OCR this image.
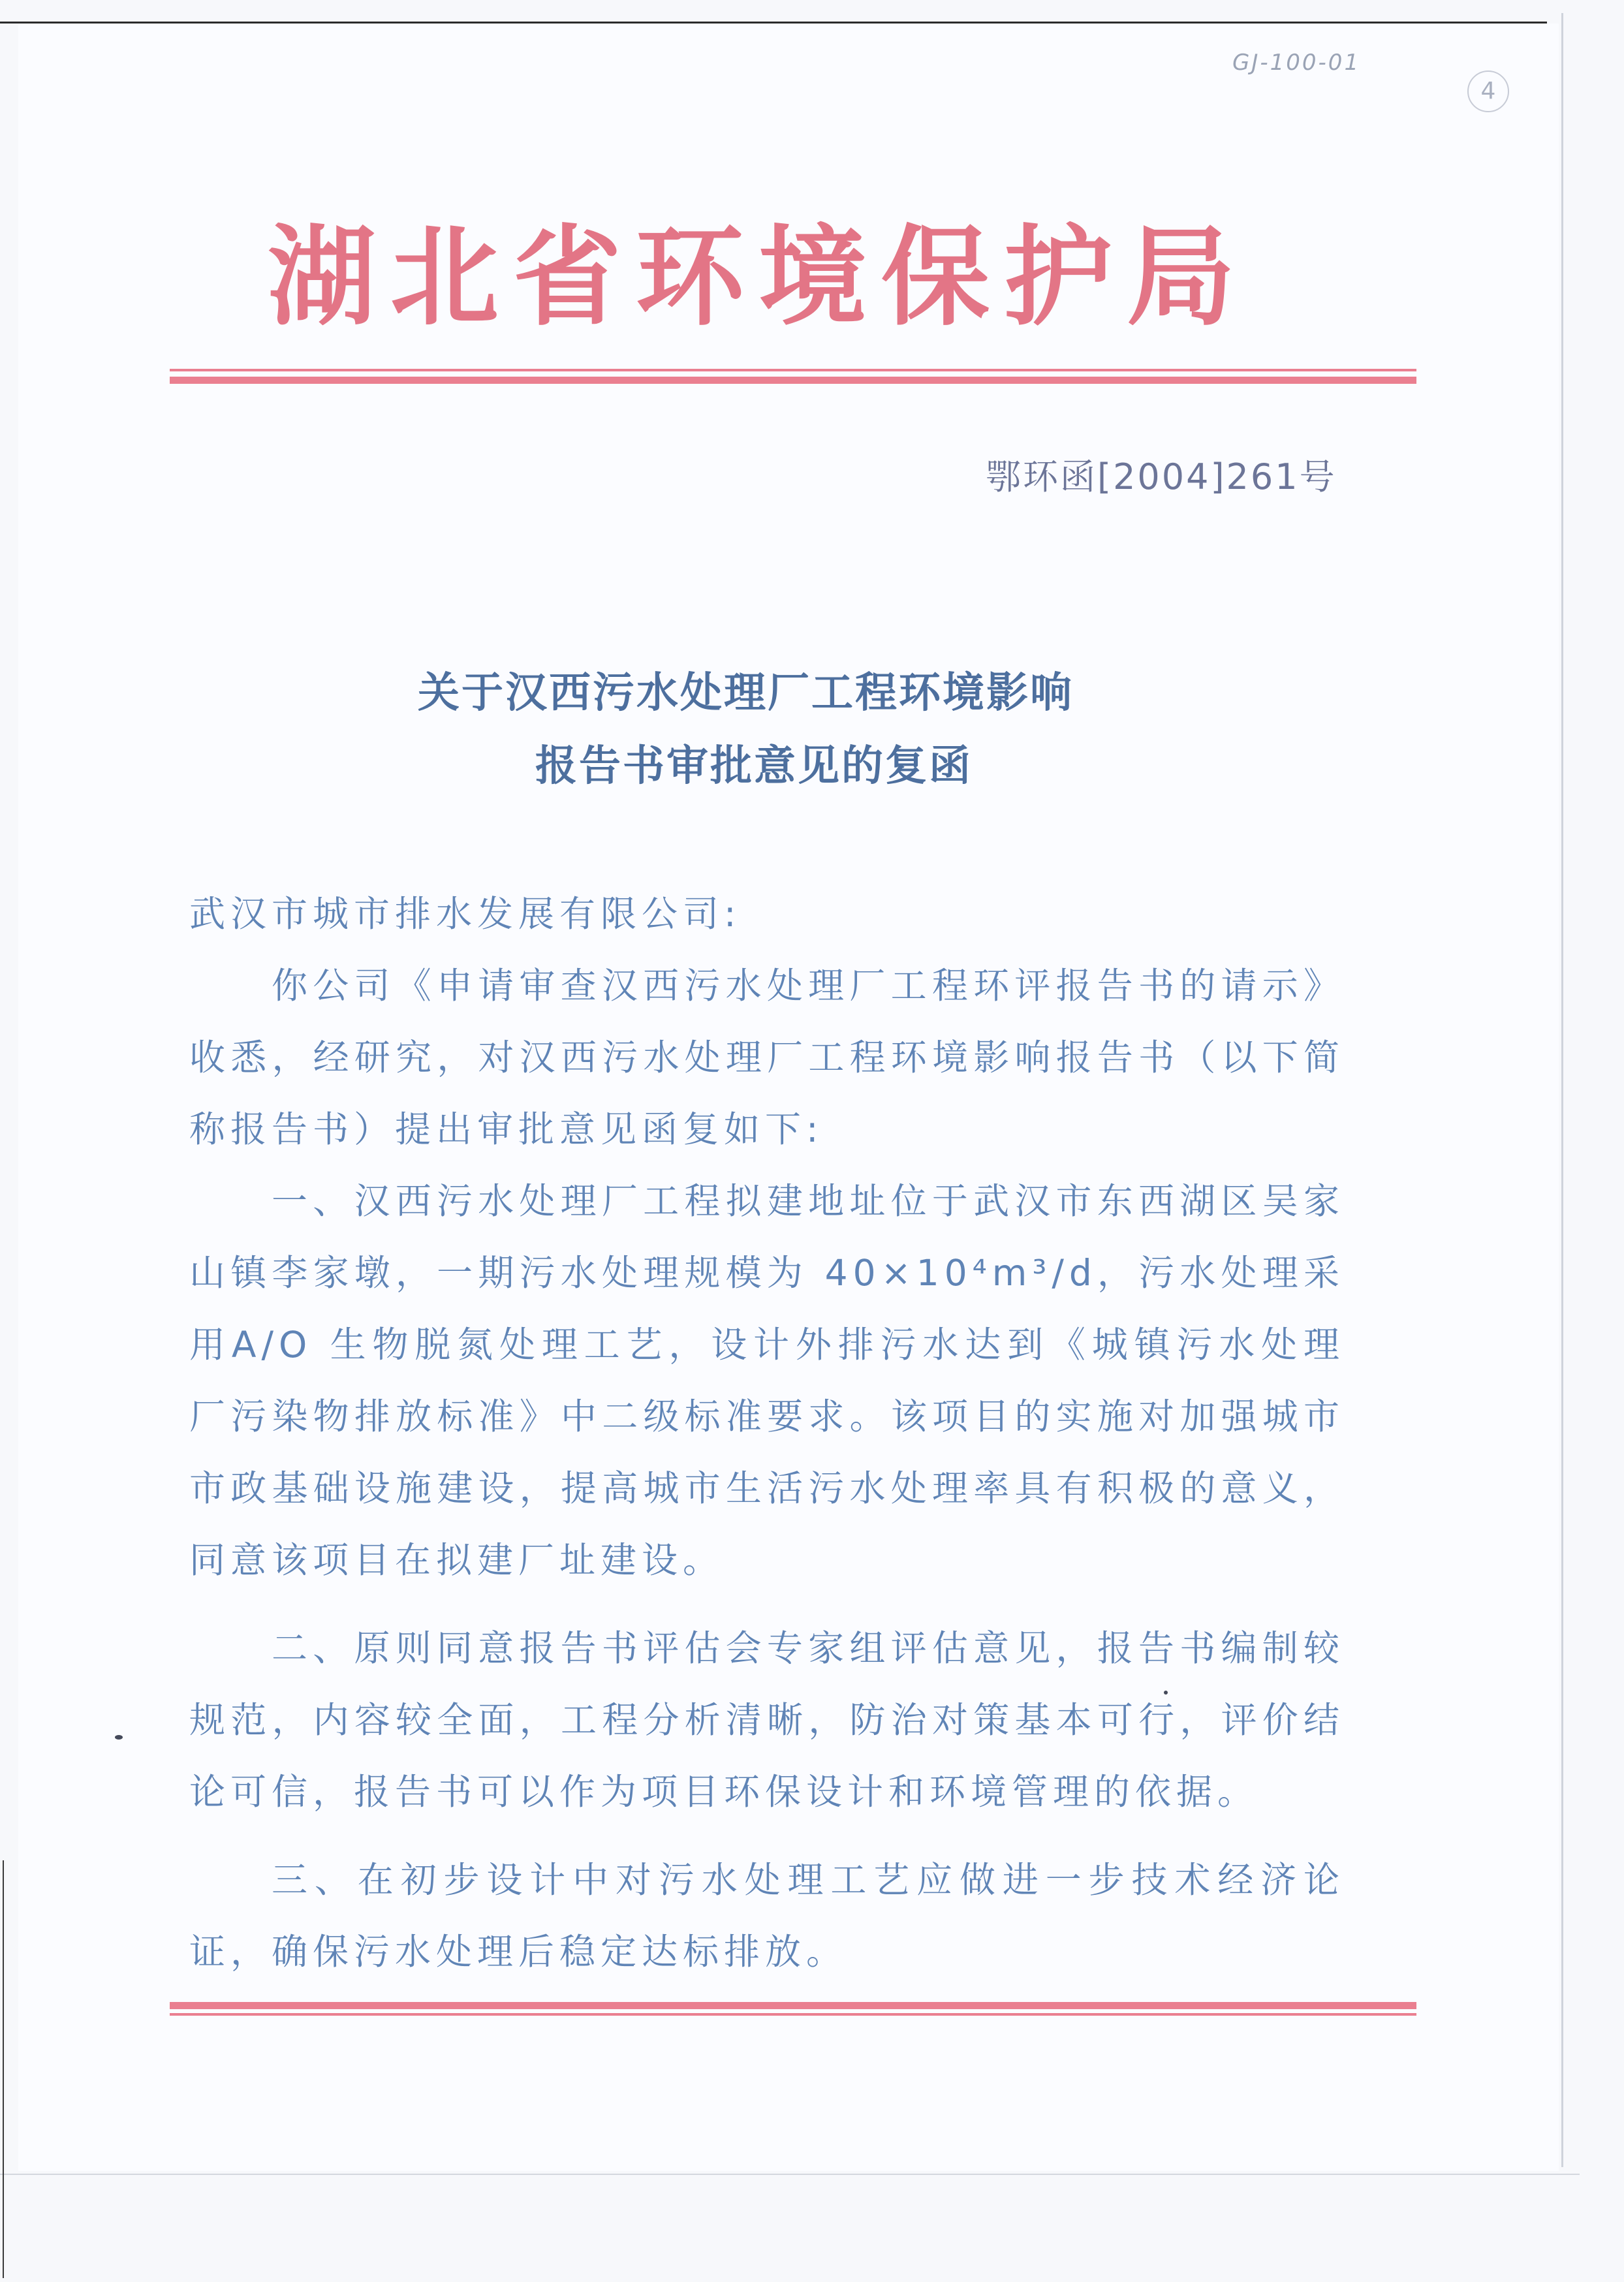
GJ-100-01
4
湖北省环境保护局
鄂环函[2004]261号
关于汉西污水处理厂工程环境影响
报告书审批意见的复函
武汉市城市排水发展有限公司:
你公司《申请审查汉西污水处理厂工程环评报告书的请示》收悉，经研究，对汉西污水处理厂工程环境影响报告书（以下简称报告书）提出审批意见函复如下:
一、汉西污水处理厂工程拟建地址位于武汉市东西湖区吴家山镇李家墩，一期污水处理规模为 40×10⁴m³/d，污水处理采用A/O 生物脱氮处理工艺，设计外排污水达到《城镇污水处理厂污染物排放标准》中二级标准要求。该项目的实施对加强城市市政基础设施建设，提高城市生活污水处理率具有积极的意义，同意该项目在拟建厂址建设。
二、原则同意报告书评估会专家组评估意见，报告书编制较规范，内容较全面，工程分析清晰，防治对策基本可行，评价结论可信，报告书可以作为项目环保设计和环境管理的依据。
三、在初步设计中对污水处理工艺应做进一步技术经济论证，确保污水处理后稳定达标排放。
